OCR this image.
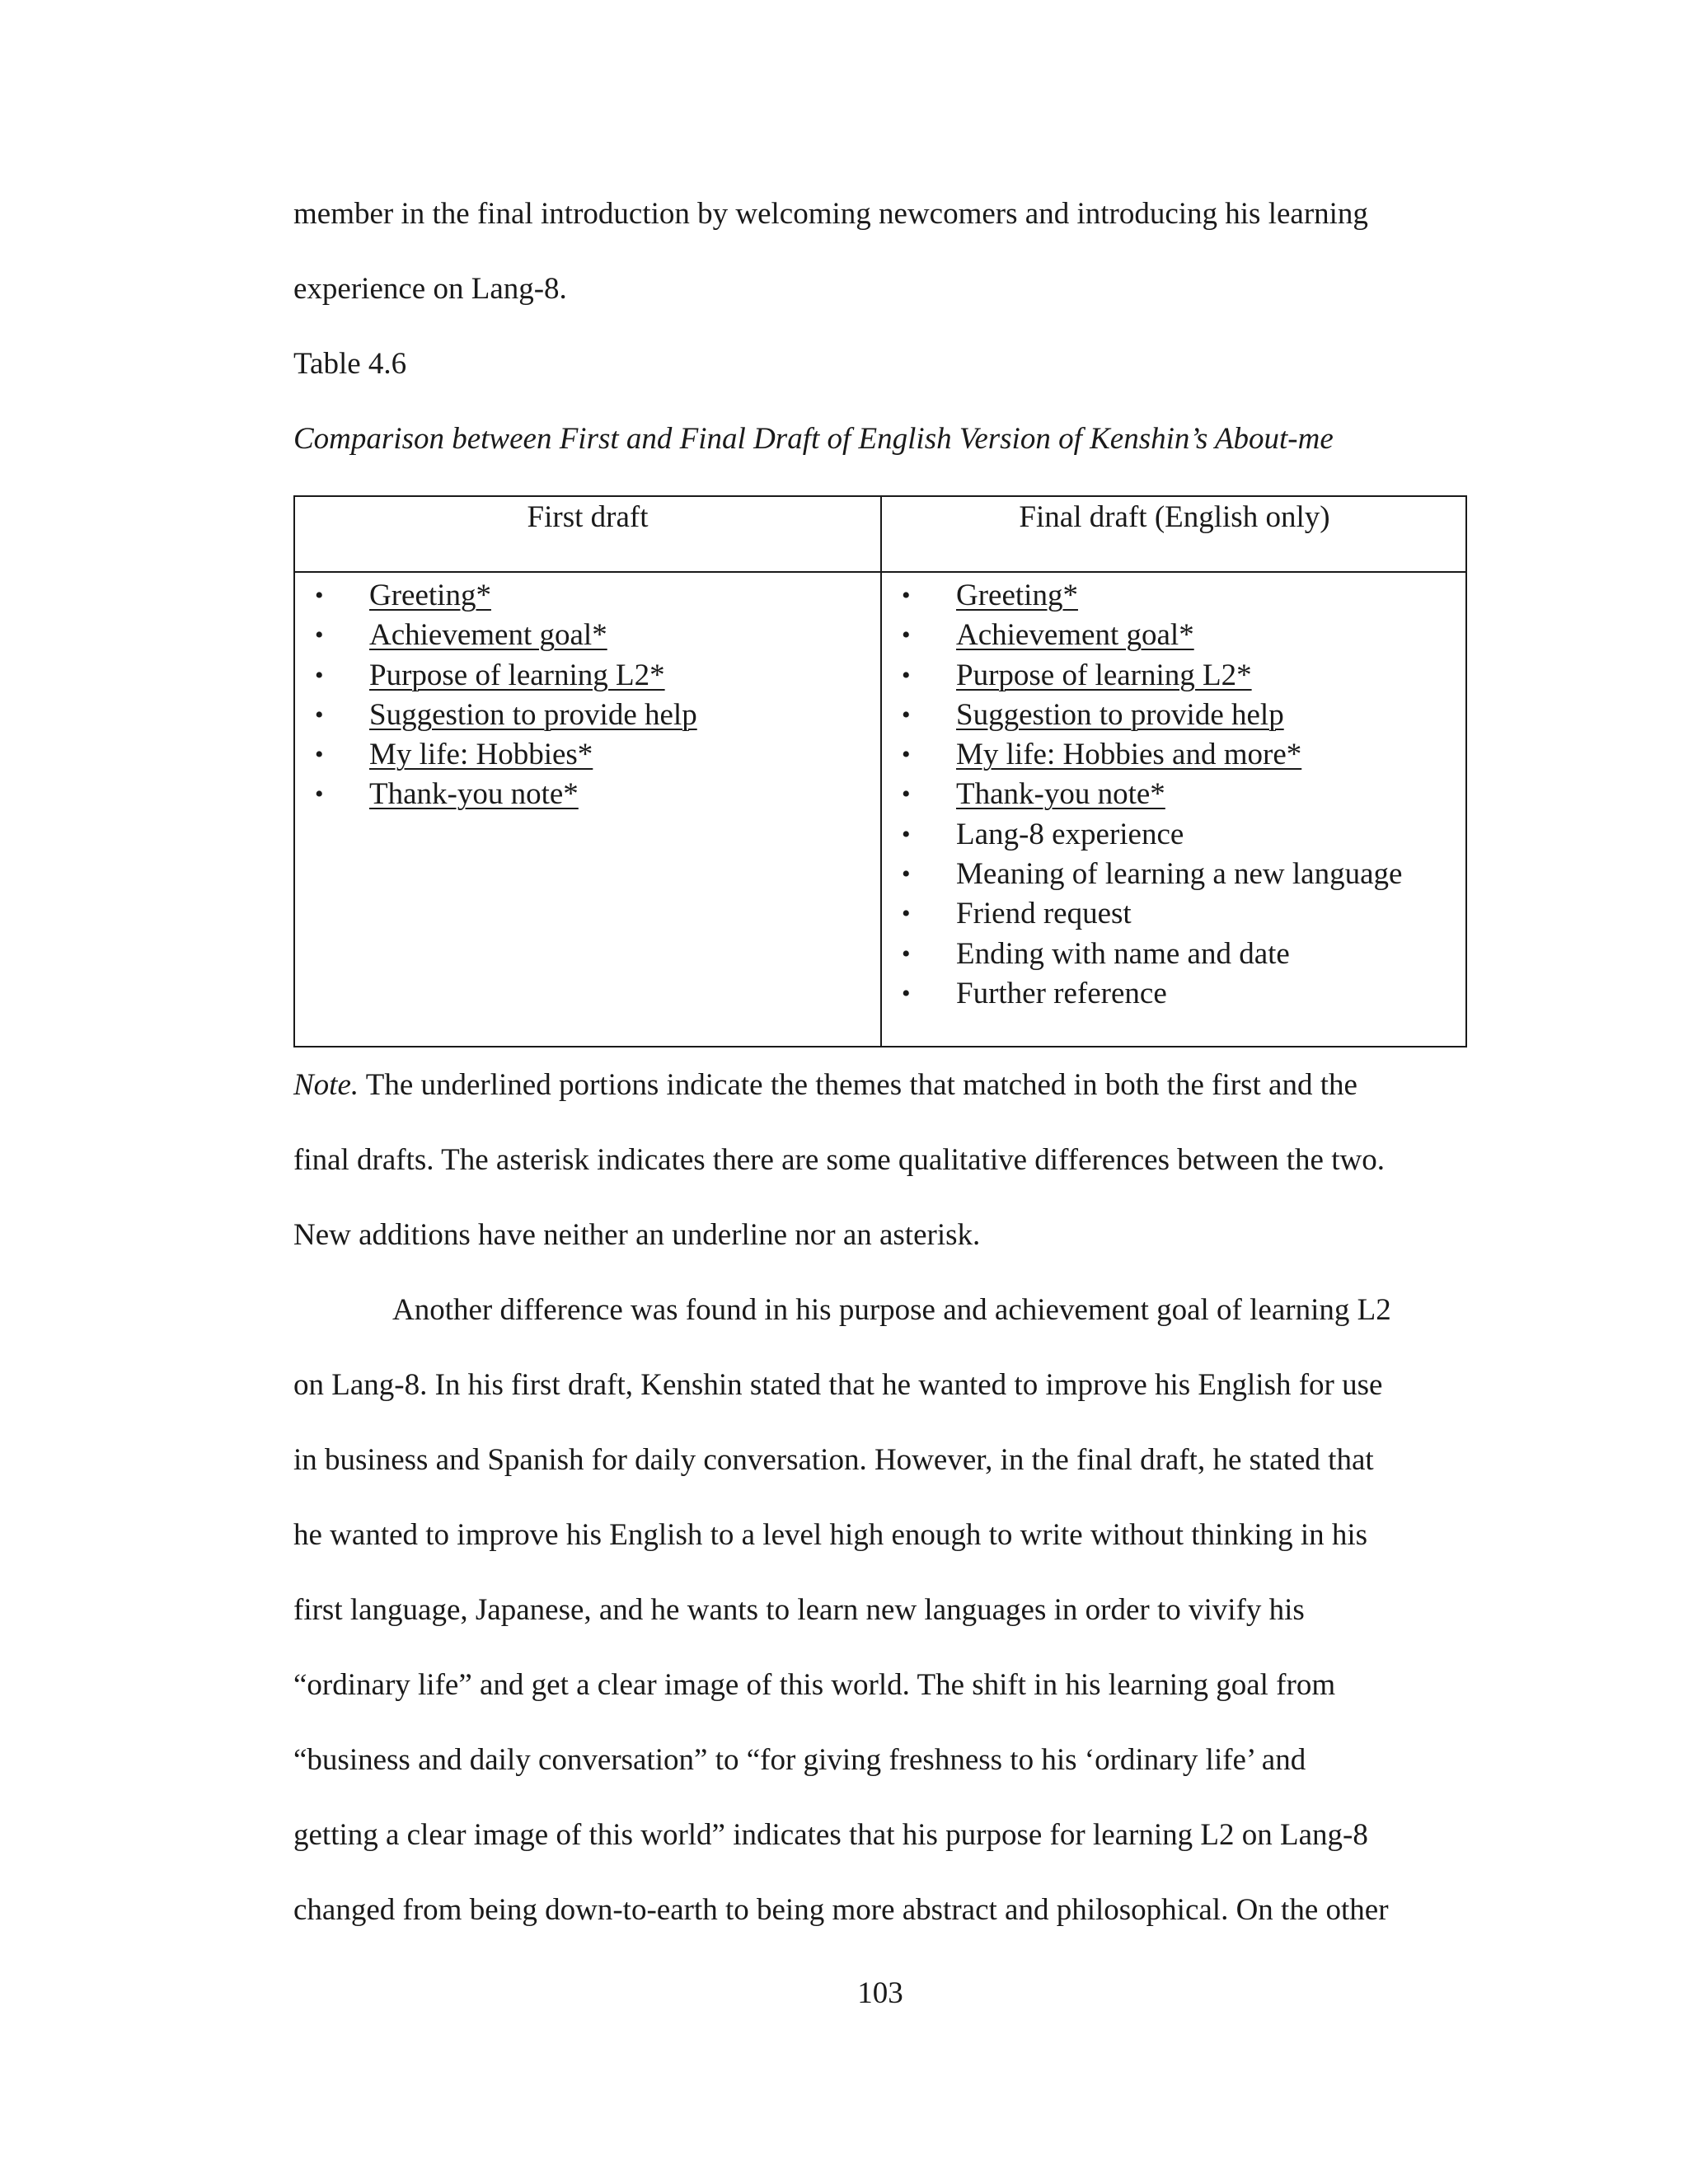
member in the final introduction by welcoming newcomers and introducing his learning
experience on Lang-8.
Table 4.6
Comparison between First and Final Draft of English Version of Kenshin’s About-me

First draft	Final draft (English only)
• Greeting*
• Achievement goal*
• Purpose of learning L2*
• Suggestion to provide help
• My life: Hobbies*
• Thank-you note*
• Greeting*
• Achievement goal*
• Purpose of learning L2*
• Suggestion to provide help
• My life: Hobbies and more*
• Thank-you note*
• Lang-8 experience
• Meaning of learning a new language
• Friend request
• Ending with name and date
• Further reference

Note. The underlined portions indicate the themes that matched in both the first and the
final drafts. The asterisk indicates there are some qualitative differences between the two.
New additions have neither an underline nor an asterisk.

Another difference was found in his purpose and achievement goal of learning L2
on Lang-8. In his first draft, Kenshin stated that he wanted to improve his English for use
in business and Spanish for daily conversation. However, in the final draft, he stated that
he wanted to improve his English to a level high enough to write without thinking in his
first language, Japanese, and he wants to learn new languages in order to vivify his
“ordinary life” and get a clear image of this world. The shift in his learning goal from
“business and daily conversation” to “for giving freshness to his ‘ordinary life’ and
getting a clear image of this world” indicates that his purpose for learning L2 on Lang-8
changed from being down-to-earth to being more abstract and philosophical. On the other

103
